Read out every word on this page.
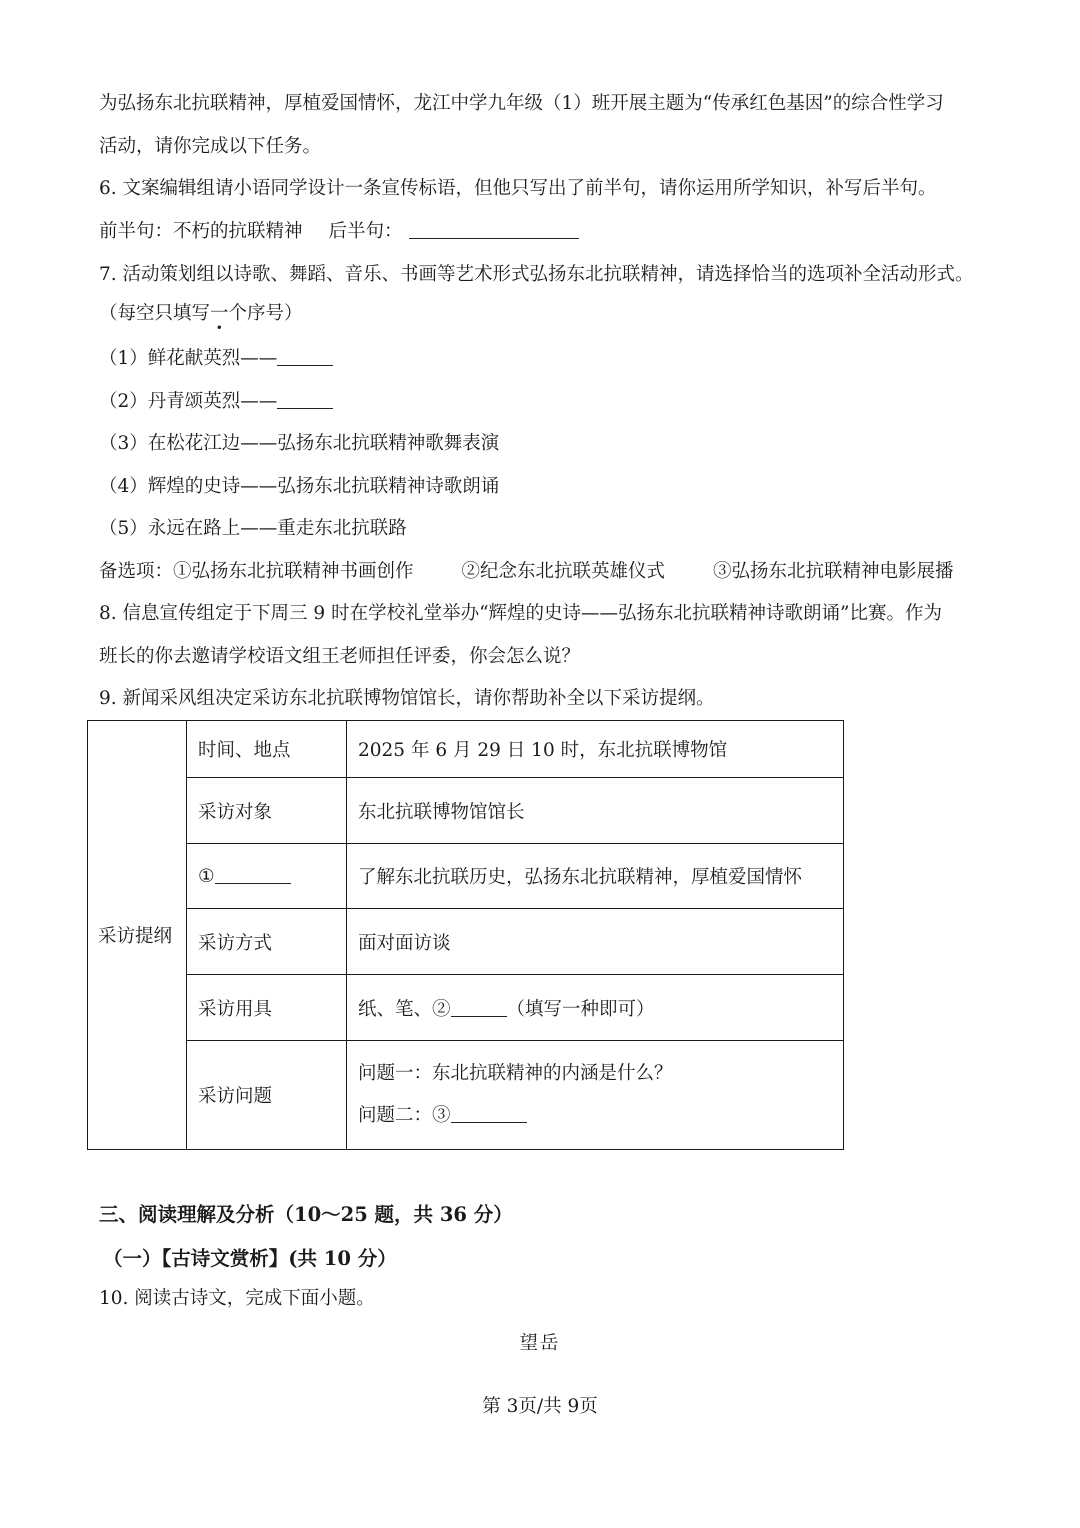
为弘扬东北抗联精神，厚植爱国情怀，龙江中学九年级（1）班开展主题为“传承红色基因”的综合性学习
活动，请你完成以下任务。
6. 文案编辑组请小语同学设计一条宣传标语，但他只写出了前半句，请你运用所学知识，补写后半句。
前半句：不朽的抗联精神 后半句：
7. 活动策划组以诗歌、舞蹈、音乐、书画等艺术形式弘扬东北抗联精神，请选择恰当的选项补全活动形式。
（每空只填写一个序号）
（1）鲜花献英烈——
（2）丹青颂英烈——
（3）在松花江边——弘扬东北抗联精神歌舞表演
（4）辉煌的史诗——弘扬东北抗联精神诗歌朗诵
（5）永远在路上——重走东北抗联路
备选项：①弘扬东北抗联精神书画创作	②纪念东北抗联英雄仪式	③弘扬东北抗联精神电影展播
8. 信息宣传组定于下周三 9 时在学校礼堂举办“辉煌的史诗——弘扬东北抗联精神诗歌朗诵”比赛。作为
班长的你去邀请学校语文组王老师担任评委，你会怎么说？
9. 新闻采风组决定采访东北抗联博物馆馆长，请你帮助补全以下采访提纲。
采访提纲	时间、地点	2025 年 6 月 29 日 10 时，东北抗联博物馆
	采访对象	东北抗联博物馆馆长
	①	了解东北抗联历史，弘扬东北抗联精神，厚植爱国情怀
	采访方式	面对面访谈
	采访用具	纸、笔、② （填写一种即可）
	采访问题	问题一：东北抗联精神的内涵是什么？
问题二：③
三、阅读理解及分析（10～25 题，共 36 分）
（一）【古诗文赏析】(共 10 分）
10. 阅读古诗文，完成下面小题。
望岳
第 3页/共 9页
